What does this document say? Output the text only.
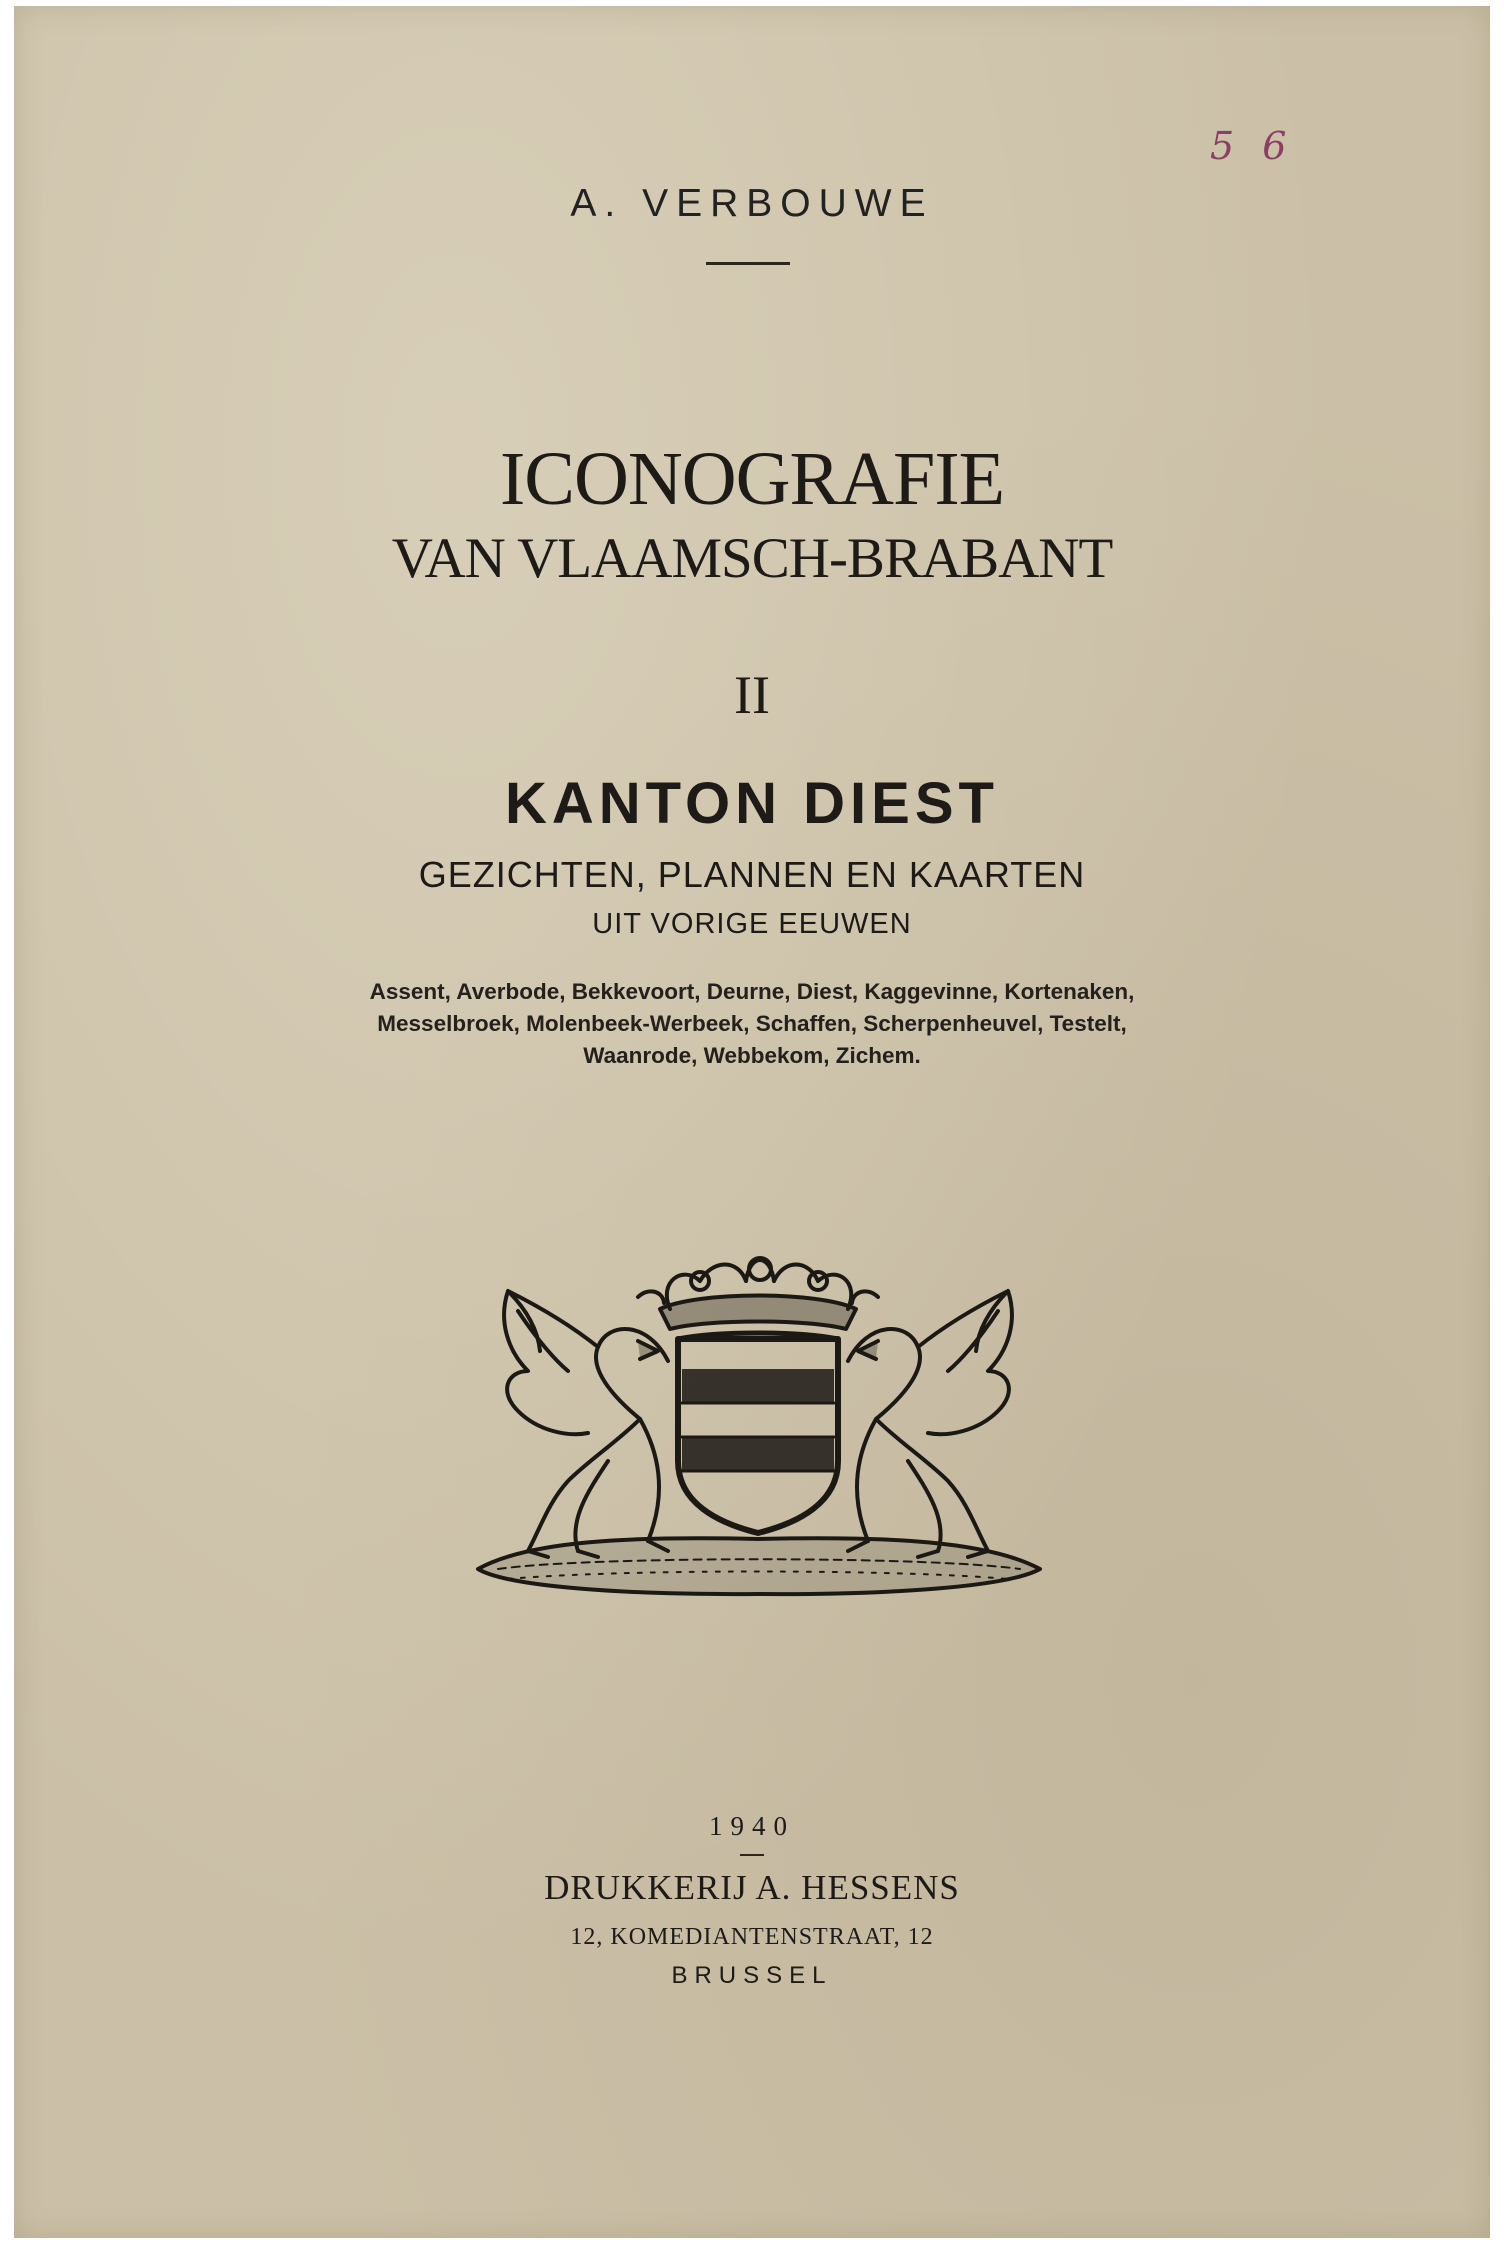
5 6
A. VERBOUWE
ICONOGRAFIE
VAN VLAAMSCH-BRABANT
II
KANTON DIEST
GEZICHTEN, PLANNEN EN KAARTEN
UIT VORIGE EEUWEN
Assent, Averbode, Bekkevoort, Deurne, Diest, Kaggevinne, Kortenaken,
Messelbroek, Molenbeek-Werbeek, Schaffen, Scherpenheuvel, Testelt,
Waanrode, Webbekom, Zichem.
1940
DRUKKERIJ A. HESSENS
12, KOMEDIANTENSTRAAT, 12
BRUSSEL
